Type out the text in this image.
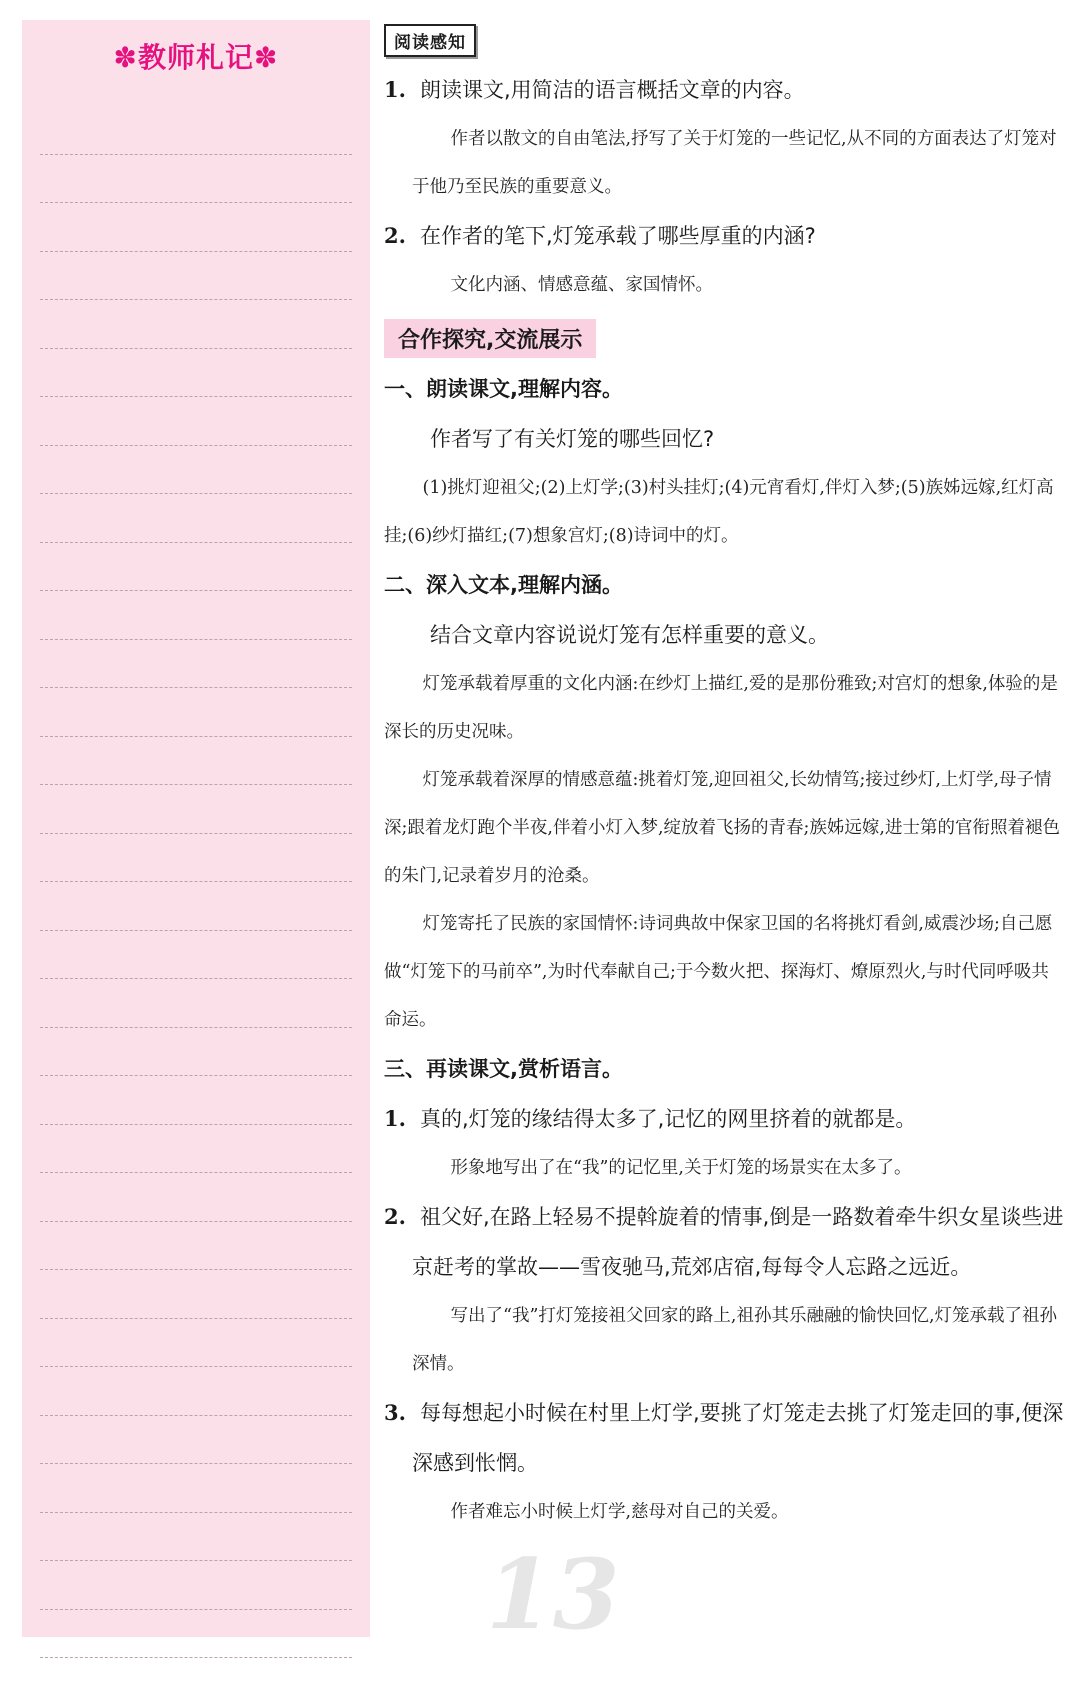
✽教师札记✽
13
阅读感知

1. 朗读课文,用简洁的语言概括文章的内容。

作者以散文的自由笔法,抒写了关于灯笼的一些记忆,从不同的方面表达了灯笼对于他乃至民族的重要意义。

2. 在作者的笔下,灯笼承载了哪些厚重的内涵?

文化内涵、情感意蕴、家国情怀。

合作探究,交流展示

一、朗读课文,理解内容。

作者写了有关灯笼的哪些回忆?

(1)挑灯迎祖父;(2)上灯学;(3)村头挂灯;(4)元宵看灯,伴灯入梦;(5)族姊远嫁,红灯高挂;(6)纱灯描红;(7)想象宫灯;(8)诗词中的灯。

二、深入文本,理解内涵。

结合文章内容说说灯笼有怎样重要的意义。

灯笼承载着厚重的文化内涵:在纱灯上描红,爱的是那份雅致;对宫灯的想象,体验的是深长的历史况味。

灯笼承载着深厚的情感意蕴:挑着灯笼,迎回祖父,长幼情笃;接过纱灯,上灯学,母子情深;跟着龙灯跑个半夜,伴着小灯入梦,绽放着飞扬的青春;族姊远嫁,进士第的官衔照着褪色的朱门,记录着岁月的沧桑。

灯笼寄托了民族的家国情怀:诗词典故中保家卫国的名将挑灯看剑,威震沙场;自己愿做“灯笼下的马前卒”,为时代奉献自己;于今数火把、探海灯、燎原烈火,与时代同呼吸共命运。

三、再读课文,赏析语言。

1. 真的,灯笼的缘结得太多了,记忆的网里挤着的就都是。

形象地写出了在“我”的记忆里,关于灯笼的场景实在太多了。

2. 祖父好,在路上轻易不提斡旋着的情事,倒是一路数着牵牛织女星谈些进京赶考的掌故——雪夜驰马,荒郊店宿,每每令人忘路之远近。

写出了“我”打灯笼接祖父回家的路上,祖孙其乐融融的愉快回忆,灯笼承载了祖孙深情。

3. 每每想起小时候在村里上灯学,要挑了灯笼走去挑了灯笼走回的事,便深深感到怅惘。

作者难忘小时候上灯学,慈母对自己的关爱。
